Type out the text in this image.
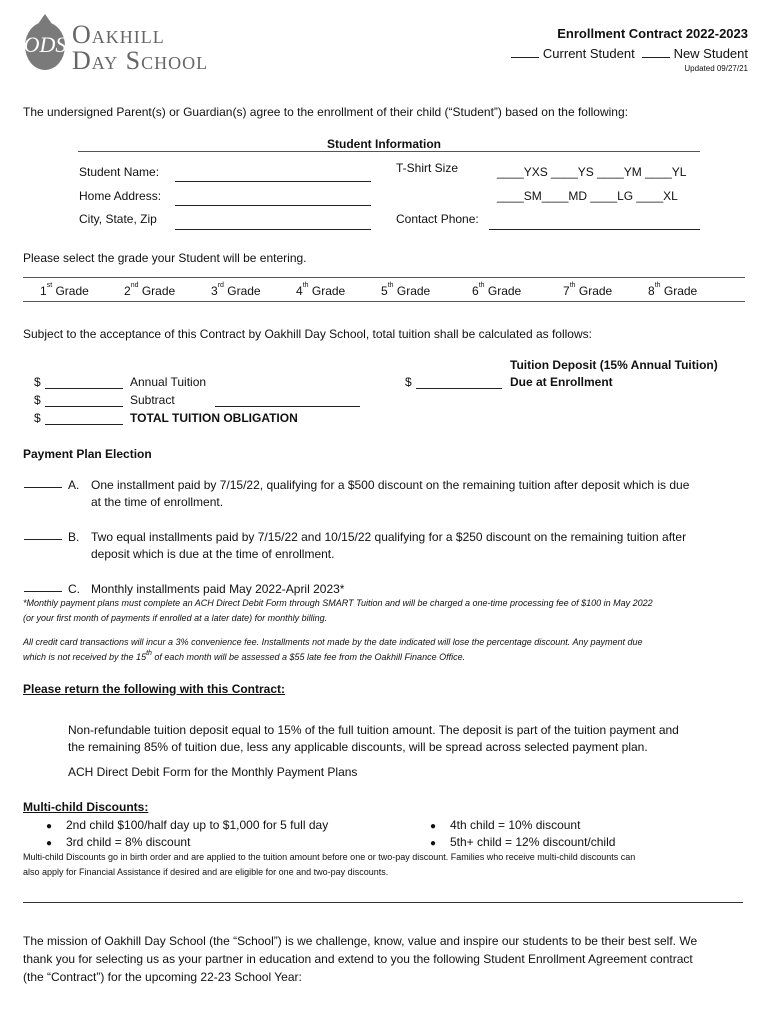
ODS Oakhill
Day School
Enrollment Contract 2022-2023
Current Student	New Student
Updated 09/27/21
The undersigned Parent(s) or Guardian(s) agree to the enrollment of their child (“Student”) based on the following:
Student Information
Student Name:
Home Address:
City, State, Zip
T-Shirt Size	____YXS ____YS ____YM ____YL
____SM____MD ____LG ____XL
Contact Phone:
Please select the grade your Student will be entering.
1st Grade	2nd Grade	3rd Grade	4th Grade	5th Grade	6th Grade	7th Grade	8th Grade
Subject to the acceptance of this Contract by Oakhill Day School, total tuition shall be calculated as follows:
$	Annual Tuition
$	Subtract
$	TOTAL TUITION OBLIGATION
Tuition Deposit (15% Annual Tuition)
$	Due at Enrollment
Payment Plan Election
A. One installment paid by 7/15/22, qualifying for a $500 discount on the remaining tuition after deposit which is due
at the time of enrollment.
B. Two equal installments paid by 7/15/22 and 10/15/22 qualifying for a $250 discount on the remaining tuition after
deposit which is due at the time of enrollment.
C. Monthly installments paid May 2022-April 2023*
*Monthly payment plans must complete an ACH Direct Debit Form through SMART Tuition and will be charged a one-time processing fee of $100 in May 2022
(or your first month of payments if enrolled at a later date) for monthly billing.
All credit card transactions will incur a 3% convenience fee. Installments not made by the date indicated will lose the percentage discount. Any payment due
which is not received by the 15th of each month will be assessed a $55 late fee from the Oakhill Finance Office.
Please return the following with this Contract:
Non-refundable tuition deposit equal to 15% of the full tuition amount. The deposit is part of the tuition payment and
the remaining 85% of tuition due, less any applicable discounts, will be spread across selected payment plan.
ACH Direct Debit Form for the Monthly Payment Plans
Multi-child Discounts:
● 2nd child $100/half day up to $1,000 for 5 full day
● 3rd child = 8% discount
● 4th child = 10% discount
● 5th+ child = 12% discount/child
Multi-child Discounts go in birth order and are applied to the tuition amount before one or two-pay discount. Families who receive multi-child discounts can
also apply for Financial Assistance if desired and are eligible for one and two-pay discounts.
The mission of Oakhill Day School (the “School”) is we challenge, know, value and inspire our students to be their best self. We
thank you for selecting us as your partner in education and extend to you the following Student Enrollment Agreement contract
(the “Contract”) for the upcoming 22-23 School Year:
